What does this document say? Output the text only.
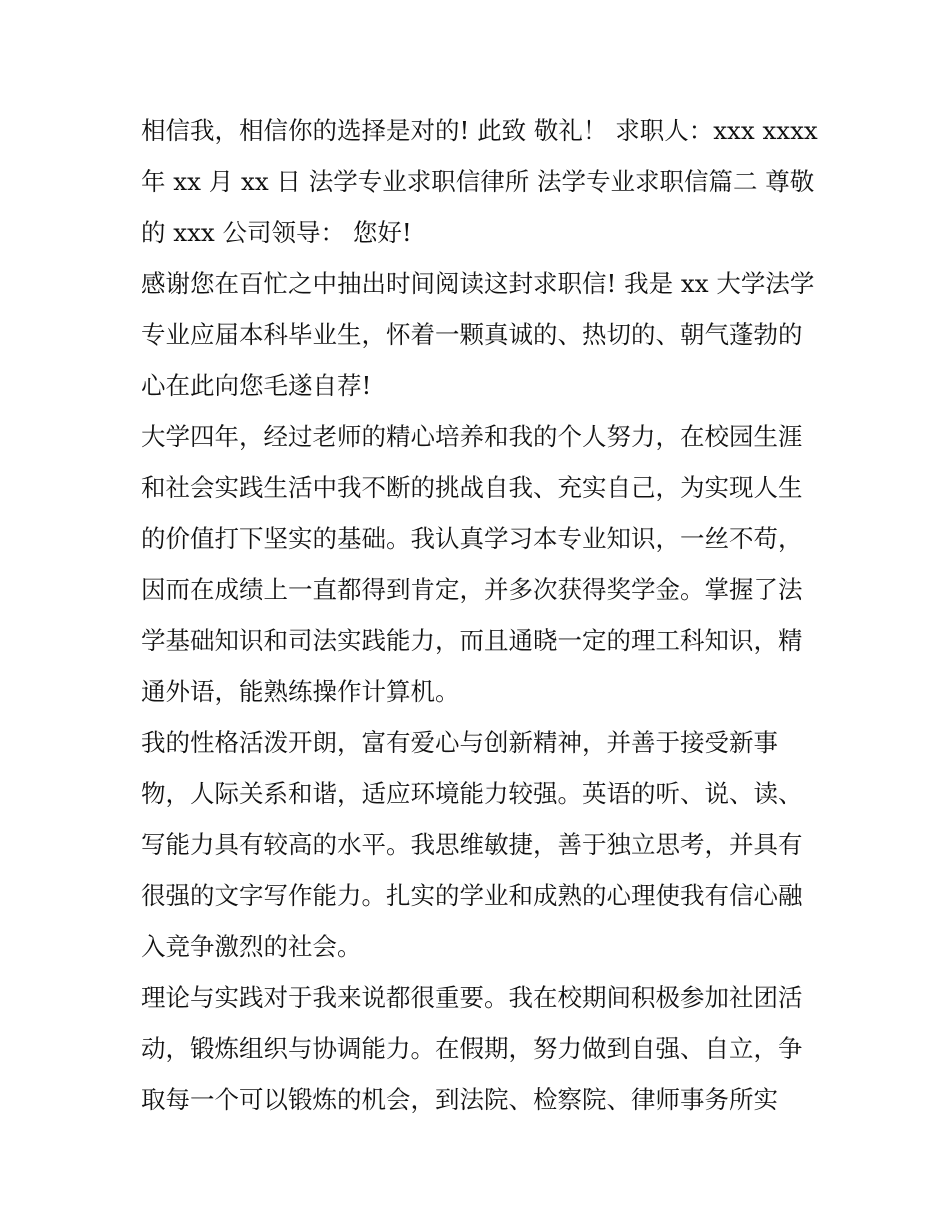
相信我，相信你的选择是对的! 此致 敬礼！ 求职人：xxx xxxx
年 xx 月 xx 日 法学专业求职信律所 法学专业求职信篇二 尊敬
的 xxx 公司领导： 您好!
感谢您在百忙之中抽出时间阅读这封求职信! 我是 xx 大学法学
专业应届本科毕业生，怀着一颗真诚的、热切的、朝气蓬勃的
心在此向您毛遂自荐!
大学四年，经过老师的精心培养和我的个人努力，在校园生涯
和社会实践生活中我不断的挑战自我、充实自己，为实现人生
的价值打下坚实的基础。我认真学习本专业知识，一丝不苟，
因而在成绩上一直都得到肯定，并多次获得奖学金。掌握了法
学基础知识和司法实践能力，而且通晓一定的理工科知识，精
通外语，能熟练操作计算机。
我的性格活泼开朗，富有爱心与创新精神，并善于接受新事
物，人际关系和谐，适应环境能力较强。英语的听、说、读、
写能力具有较高的水平。我思维敏捷，善于独立思考，并具有
很强的文字写作能力。扎实的学业和成熟的心理使我有信心融
入竞争激烈的社会。
理论与实践对于我来说都很重要。我在校期间积极参加社团活
动，锻炼组织与协调能力。在假期，努力做到自强、自立，争
取每一个可以锻炼的机会，到法院、检察院、律师事务所实
